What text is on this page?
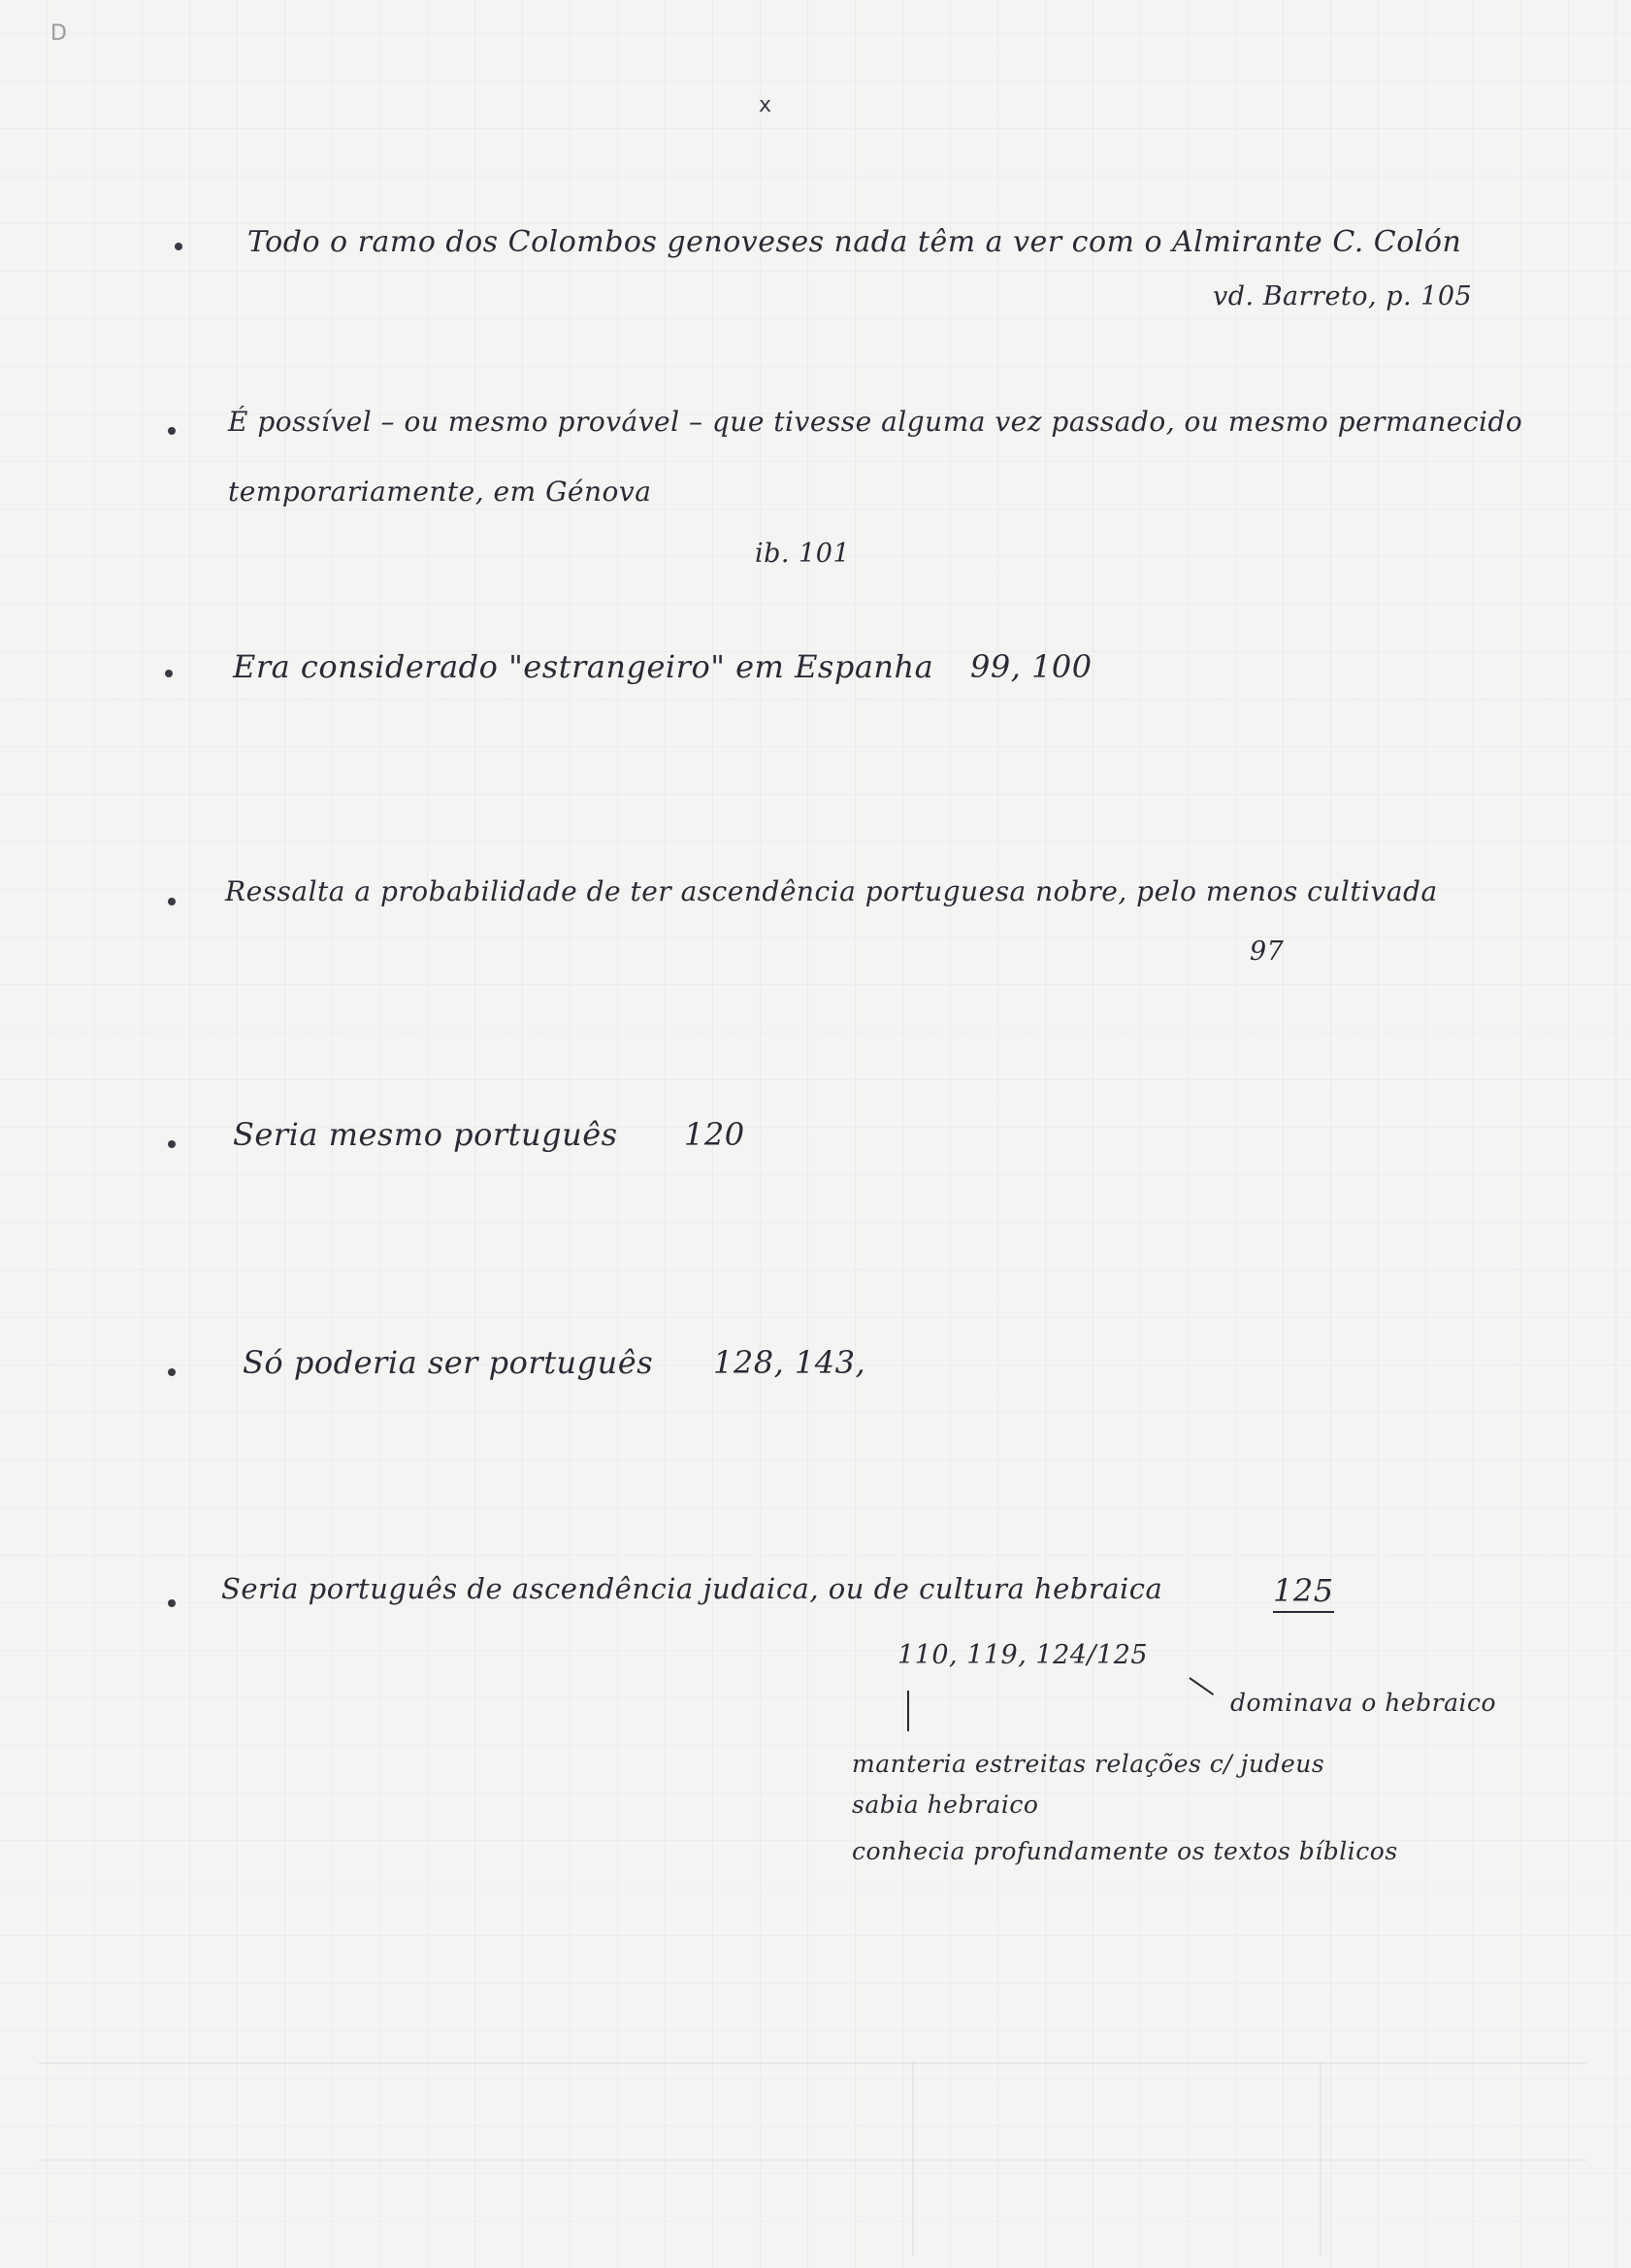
D

x

Todo o ramo dos Colombos genoveses nada têm a ver com o Almirante C. Colón

vd. Barreto, p. 105

É possível – ou mesmo provável – que tivesse alguma vez passado, ou mesmo permanecido

temporariamente, em Génova

ib. 101

Era considerado "estrangeiro" em Espanha 99, 100

Ressalta a probabilidade de ter ascendência portuguesa nobre, pelo menos cultivada

97

Seria mesmo português 120

Só poderia ser português 128, 143,

Seria português de ascendência judaica, ou de cultura hebraica	125

110, 119, 124/125

dominava o hebraico

manteria estreitas relações c/ judeus

sabia hebraico

conhecia profundamente os textos bíblicos
